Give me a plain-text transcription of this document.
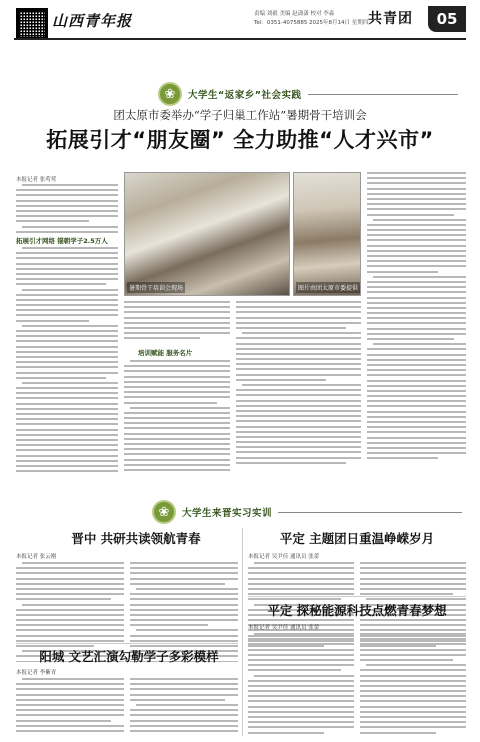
山西青年报	责编 刘毅 美编 赵潇潇 校对 李淼
Tel：0351-4075885 2025年8月14日 星期四 共青团	05
❀	大学生“返家乡”社会实践
团太原市委举办“学子归巢工作站”暑期骨干培训会
拓展引才“朋友圈” 全力助推“人才兴市”
本报记者 张莺莺
拓展引才网络 锚朝学子2.5万人
暑期骨干培训会现场	图片由团太原市委提供
培训赋能 服务名片
❀	大学生来晋实习实训
晋中 共研共读领航青春
本报记者 张云刚
平定 主题团日重温峥嵘岁月
本报记者 吴尹佳 通讯员 张蕾
阳城 文艺汇演勾勒学子多彩模样
本报记者 李紫青
平定 探秘能源科技点燃青春梦想
本报记者 吴尹佳 通讯员 张蕾
